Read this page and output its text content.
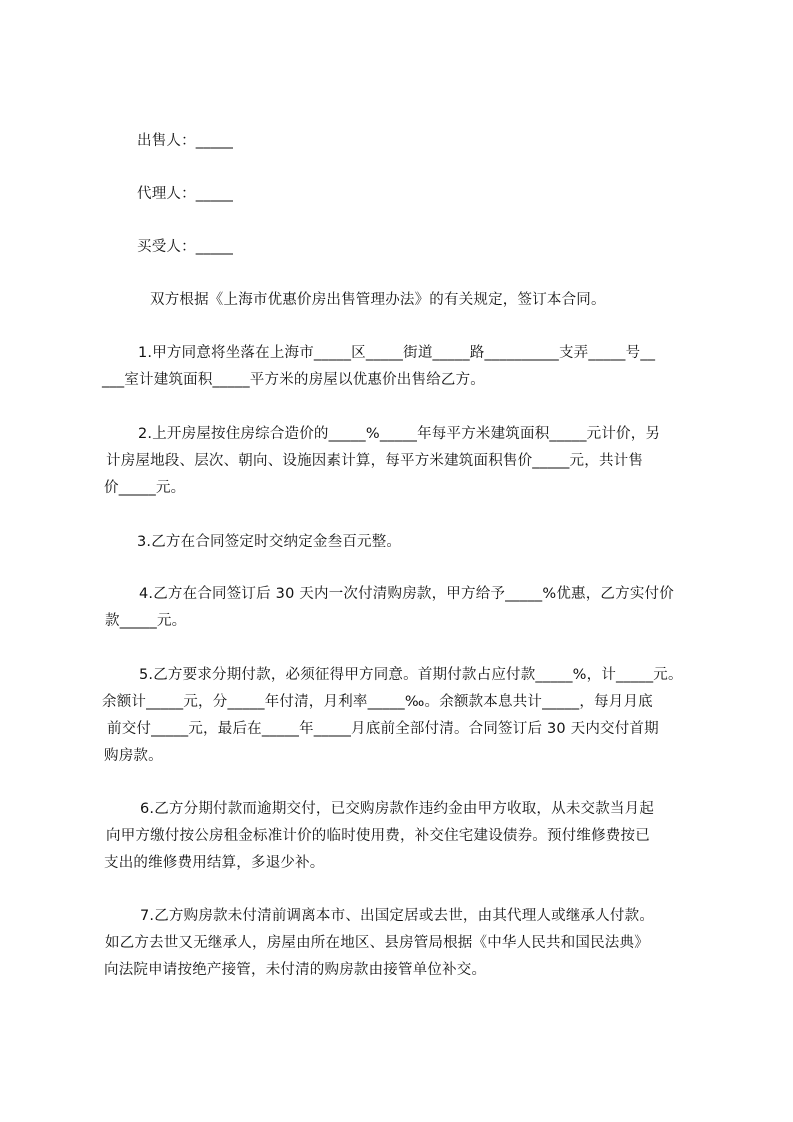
出售人：_____
代理人：_____
买受人：_____
双方根据《上海市优惠价房出售管理办法》的有关规定，签订本合同。
1.甲方同意将坐落在上海市_____区_____街道_____路__________支弄_____号__
___室计建筑面积_____平方米的房屋以优惠价出售给乙方。
2.上开房屋按住房综合造价的_____%_____年每平方米建筑面积_____元计价，另
计房屋地段、层次、朝向、设施因素计算，每平方米建筑面积售价_____元，共计售
价_____元。
3.乙方在合同签定时交纳定金叁百元整。
4.乙方在合同签订后 30 天内一次付清购房款，甲方给予_____%优惠，乙方实付价
款_____元。
5.乙方要求分期付款，必须征得甲方同意。首期付款占应付款_____%，计_____元。
余额计_____元，分_____年付清，月利率_____‰。余额款本息共计_____，每月月底
前交付_____元，最后在_____年_____月底前全部付清。合同签订后 30 天内交付首期
购房款。
6.乙方分期付款而逾期交付，已交购房款作违约金由甲方收取，从未交款当月起
向甲方缴付按公房租金标准计价的临时使用费，补交住宅建设债券。预付维修费按已
支出的维修费用结算，多退少补。
7.乙方购房款未付清前调离本市、出国定居或去世，由其代理人或继承人付款。
如乙方去世又无继承人，房屋由所在地区、县房管局根据《中华人民共和国民法典》
向法院申请按绝产接管，未付清的购房款由接管单位补交。
